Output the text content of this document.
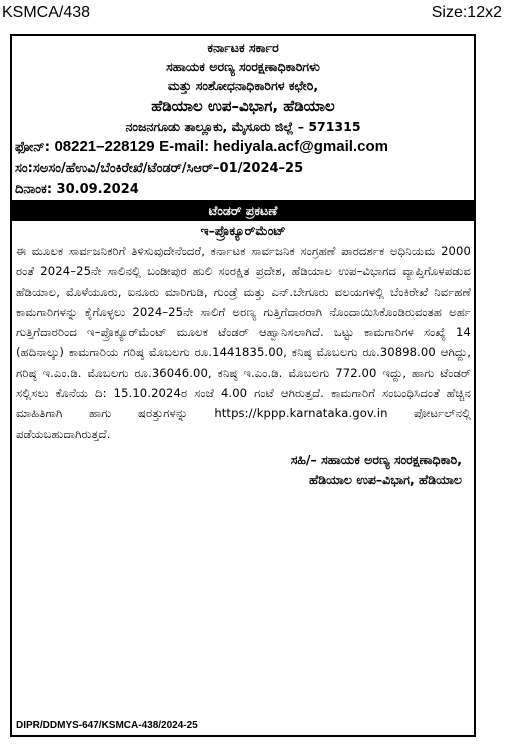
KSMCA/438	Size:12x2
ಕರ್ನಾಟಕ ಸರ್ಕಾರ
ಸಹಾಯಕ ಅರಣ್ಯ ಸಂರಕ್ಷಣಾಧಿಕಾರಿಗಳು
ಮತ್ತು ಸಂಶೋಧನಾಧಿಕಾರಿಗಳ ಕಛೇರಿ,
ಹೆಡಿಯಾಲ ಉಪ–ವಿಭಾಗ, ಹೆಡಿಯಾಲ
ನಂಜನಗೂಡು ತಾಲ್ಲೂಕು, ಮೈಸೂರು ಜಿಲ್ಲೆ – 571315
ಫೋನ್: 08221–228129 E-mail: hediyala.acf@gmail.com
ಸಂ:ಸಅಸಂ/ಹೆಉವಿ/ಬೆಂಕಿರೇಖೆ/ಟೆಂಡರ್/ಸಿಆರ್–01/2024–25
ದಿನಾಂಕ: 30.09.2024
ಟೆಂಡರ್ ಪ್ರಕಟಣೆ
ಇ–ಪ್ರೊಕ್ಯೂರ್‌ಮೆಂಟ್

ಈ ಮೂಲಕ ಸಾರ್ವಜನಿಕರಿಗೆ ತಿಳಿಸುವುದೇನೆಂದರೆ, ಕರ್ನಾಟಕ ಸಾರ್ವಜನಿಕ ಸಂಗ್ರಹಣೆ ಪಾರದರ್ಶಕ ಅಧಿನಿಯಮ 2000 ರಂತೆ 2024–25ನೇ ಸಾಲಿನಲ್ಲಿ ಬಂಡೀಪುರ ಹುಲಿ ಸಂರಕ್ಷಿತ ಪ್ರದೇಶ, ಹೆಡಿಯಾಲ ಉಪ–ವಿಭಾಗದ ವ್ಯಾಪ್ತಿಗೊಳಪಡುವ ಹೆಡಿಯಾಲ, ಮೊಳೆಯೂರು, ಐನೂರು ಮಾರಿಗುಡಿ, ಗುಂಡ್ರೆ ಮತ್ತು ಎನ್.ಬೇಗೂರು ವಲಯಗಳಲ್ಲಿ ಬೆಂಕಿರೇಖೆ ನಿರ್ವಹಣೆ ಕಾಮಗಾರಿಗಳನ್ನು ಕೈಗೊಳ್ಳಲು 2024–25ನೇ ಸಾಲಿಗೆ ಅರಣ್ಯ ಗುತ್ತಿಗೆದಾರರಾಗಿ ನೊಂದಾಯಿಸಿಕೊಂಡಿರುವಂತಹ ಅರ್ಹ ಗುತ್ತಿಗೆದಾರರಿಂದ ಇ–ಪ್ರೊಕ್ಯೂರ್‌ಮೆಂಟ್ ಮೂಲಕ ಟೆಂಡರ್ ಆಹ್ವಾನಿಸಲಾಗಿದೆ. ಒಟ್ಟು ಕಾಮಗಾರಿಗಳ ಸಂಖ್ಯೆ 14 (ಹದಿನಾಲ್ಕು) ಕಾಮಗಾರಿಯ ಗರಿಷ್ಠ ಮೊಬಲಗು ರೂ.1441835.00, ಕನಿಷ್ಠ ಮೊಬಲಗು ರೂ.30898.00 ಆಗಿದ್ದು, ಗರಿಷ್ಠ ಇ.ಎಂ.ಡಿ. ಮೊಬಲಗು ರೂ.36046.00, ಕನಿಷ್ಠ ಇ.ಎಂ.ಡಿ. ಮೊಬಲಗು 772.00 ಇದ್ದು, ಹಾಗು ಟೆಂಡರ್ ಸಲ್ಲಿಸಲು ಕೊನೆಯ ದಿ: 15.10.2024ರ ಸಂಜೆ 4.00 ಗಂಟೆ ಆಗಿರುತ್ತದೆ. ಕಾಮಗಾರಿಗೆ ಸಂಬಂಧಿಸಿದಂತೆ ಹೆಚ್ಚಿನ ಮಾಹಿತಿಗಾಗಿ ಹಾಗು ಷರತ್ತುಗಳನ್ನು https://kppp.karnataka.gov.in ಪೋರ್ಟಲ್‌ನಲ್ಲಿ ಪಡೆಯಬಹುದಾಗಿರುತ್ತದೆ.

ಸಹಿ/– ಸಹಾಯಕ ಅರಣ್ಯ ಸಂರಕ್ಷಣಾಧಿಕಾರಿ,
ಹೆಡಿಯಾಲ ಉಪ–ವಿಭಾಗ, ಹೆಡಿಯಾಲ
DIPR/DDMYS-647/KSMCA-438/2024-25
